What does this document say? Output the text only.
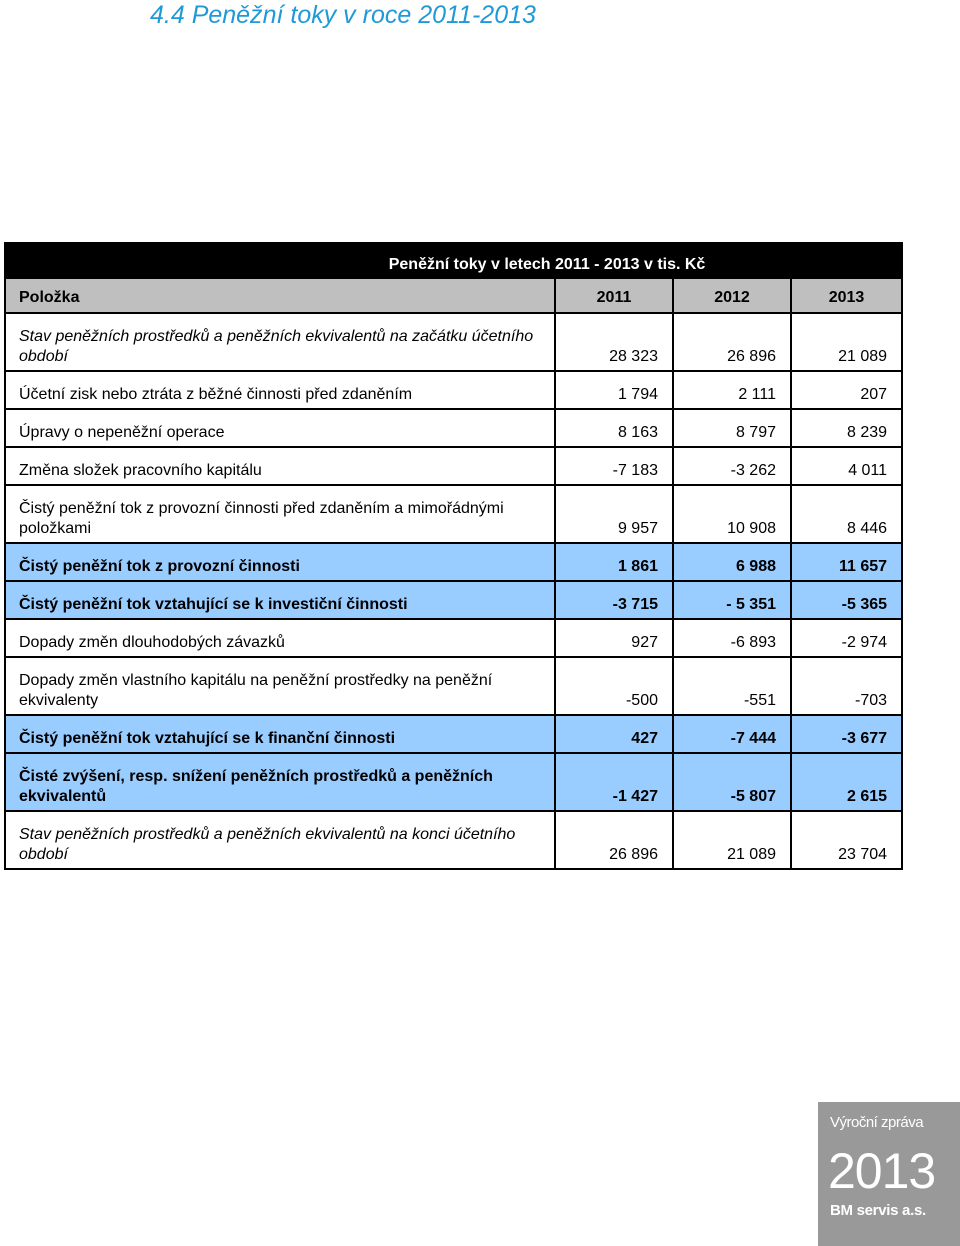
4.4 Peněžní toky v roce 2011-2013
Peněžní toky v letech 2011 - 2013 v tis. Kč			
Položka	2011	2012	2013
Stav peněžních prostředků a peněžních ekvivalentů na začátku účetního období	28 323	26 896	21 089
Účetní zisk nebo ztráta z běžné činnosti před zdaněním	1 794	2 111	207
Úpravy o nepeněžní operace	8 163	8 797	8 239
Změna složek pracovního kapitálu	-7 183	-3 262	4 011
Čistý peněžní tok z provozní činnosti před zdaněním a mimořádnými položkami	9 957	10 908	8 446
Čistý peněžní tok z provozní činnosti	1 861	6 988	11 657
Čistý peněžní tok vztahující se k investiční činnosti	-3 715	- 5 351	-5 365
Dopady změn dlouhodobých závazků	927	-6 893	-2 974
Dopady změn vlastního kapitálu na peněžní prostředky na peněžní ekvivalenty	-500	-551	-703
Čistý peněžní tok vztahující se k finanční činnosti	427	-7 444	-3 677
Čisté zvýšení, resp. snížení peněžních prostředků a peněžních ekvivalentů	-1 427	-5 807	2 615
Stav peněžních prostředků a peněžních ekvivalentů na konci účetního období	26 896	21 089	23 704
Výroční zpráva
2013
BM servis a.s.
